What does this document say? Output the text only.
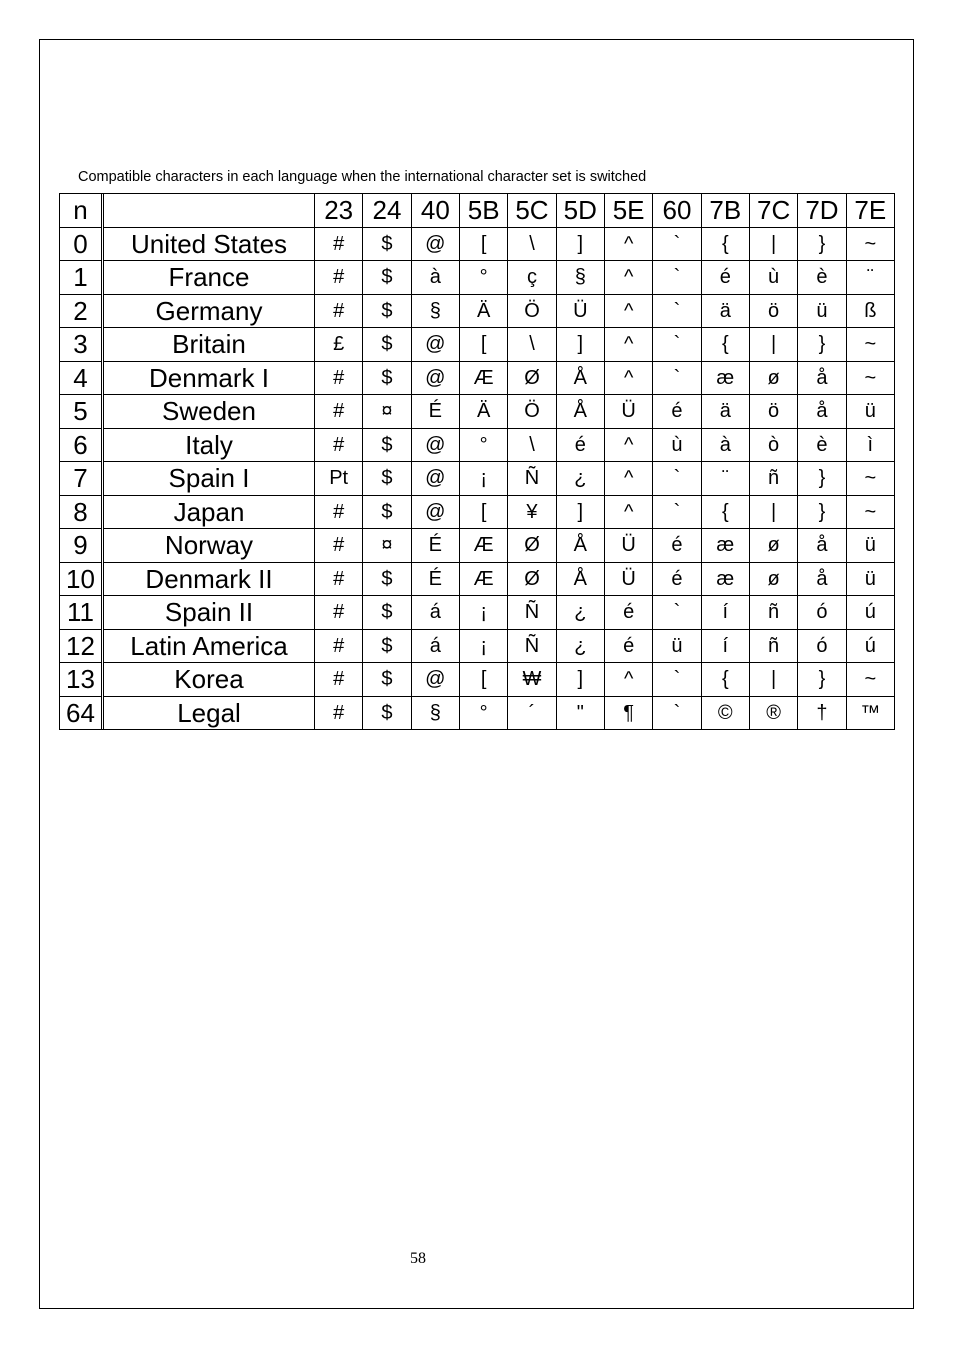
Compatible characters in each language when the international character set is switched
n			23	24	40	5B	5C	5D	5E	60	7B	7C	7D	7E
0		United States	#	$	@	[	\	]	^	`	{	|	}	~
1		France	#	$	à	°	ç	§	^	`	é	ù	è	¨
2		Germany	#	$	§	Ä	Ö	Ü	^	`	ä	ö	ü	ß
3		Britain	£	$	@	[	\	]	^	`	{	|	}	~
4		Denmark I	#	$	@	Æ	Ø	Å	^	`	æ	ø	å	~
5		Sweden	#	¤	É	Ä	Ö	Å	Ü	é	ä	ö	å	ü
6		Italy	#	$	@	°	\	é	^	ù	à	ò	è	ì
7		Spain I	Pt	$	@	¡	Ñ	¿	^	`	¨	ñ	}	~
8		Japan	#	$	@	[	¥	]	^	`	{	|	}	~
9		Norway	#	¤	É	Æ	Ø	Å	Ü	é	æ	ø	å	ü
10		Denmark II	#	$	É	Æ	Ø	Å	Ü	é	æ	ø	å	ü
11		Spain II	#	$	á	¡	Ñ	¿	é	`	í	ñ	ó	ú
12		Latin America	#	$	á	¡	Ñ	¿	é	ü	í	ñ	ó	ú
13		Korea	#	$	@	[	₩	]	^	`	{	|	}	~
64		Legal	#	$	§	°	´	"	¶	`	©	®	†	™
58
